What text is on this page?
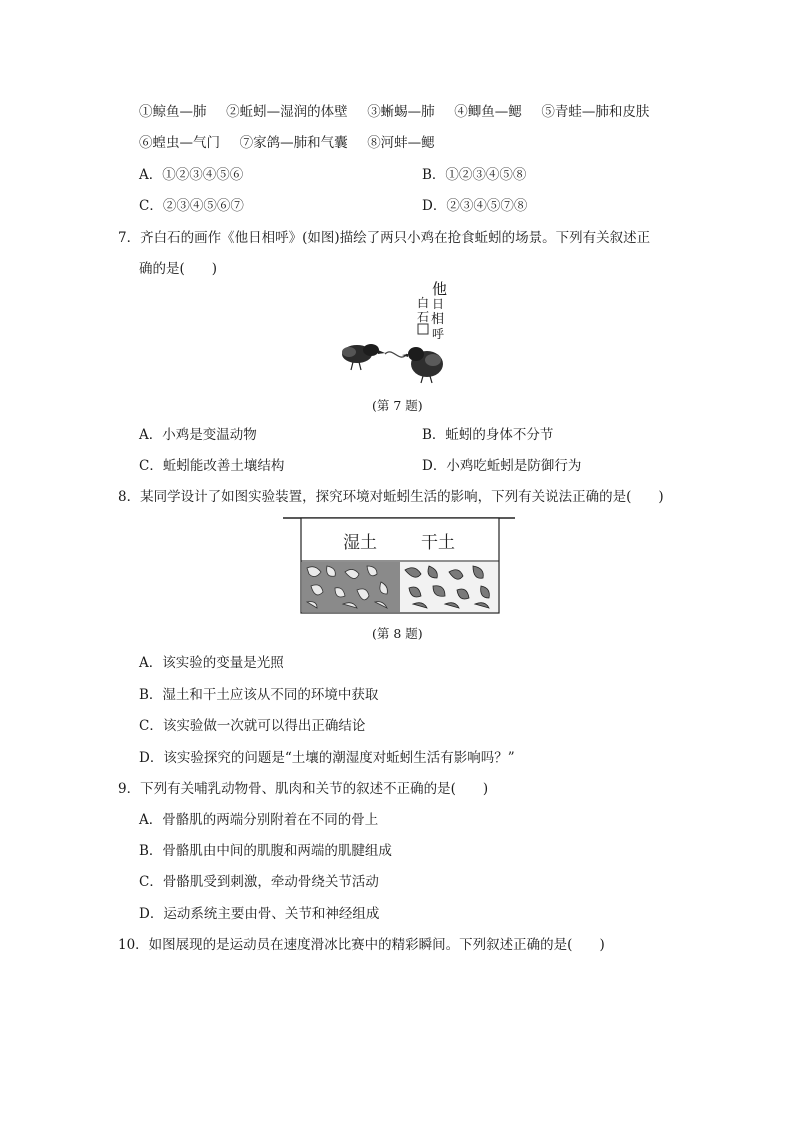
①鲸鱼—肺 ②蚯蚓—湿润的体壁 ③蜥蜴—肺 ④鲫鱼—鳃 ⑤青蛙—肺和皮肤
⑥蝗虫—气门 ⑦家鸽—肺和气囊 ⑧河蚌—鳃
A．①②③④⑤⑥	B．①②③④⑤⑧
C．②③④⑤⑥⑦	D．②③④⑤⑦⑧
7．齐白石的画作《他日相呼》(如图)描绘了两只小鸡在抢食蚯蚓的场景。下列有关叙述正
确的是(　　)
他
日
相
呼
白
石
(第 7 题)
A．小鸡是变温动物	B．蚯蚓的身体不分节
C．蚯蚓能改善土壤结构	D．小鸡吃蚯蚓是防御行为
8．某同学设计了如图实验装置，探究环境对蚯蚓生活的影响，下列有关说法正确的是(　　)
湿土	干土
(第 8 题)
A．该实验的变量是光照
B．湿土和干土应该从不同的环境中获取
C．该实验做一次就可以得出正确结论
D．该实验探究的问题是“土壤的潮湿度对蚯蚓生活有影响吗？”
9．下列有关哺乳动物骨、肌肉和关节的叙述不正确的是(　　)
A．骨骼肌的两端分别附着在不同的骨上
B．骨骼肌由中间的肌腹和两端的肌腱组成
C．骨骼肌受到刺激，牵动骨绕关节活动
D．运动系统主要由骨、关节和神经组成
10．如图展现的是运动员在速度滑冰比赛中的精彩瞬间。下列叙述正确的是(　　)
